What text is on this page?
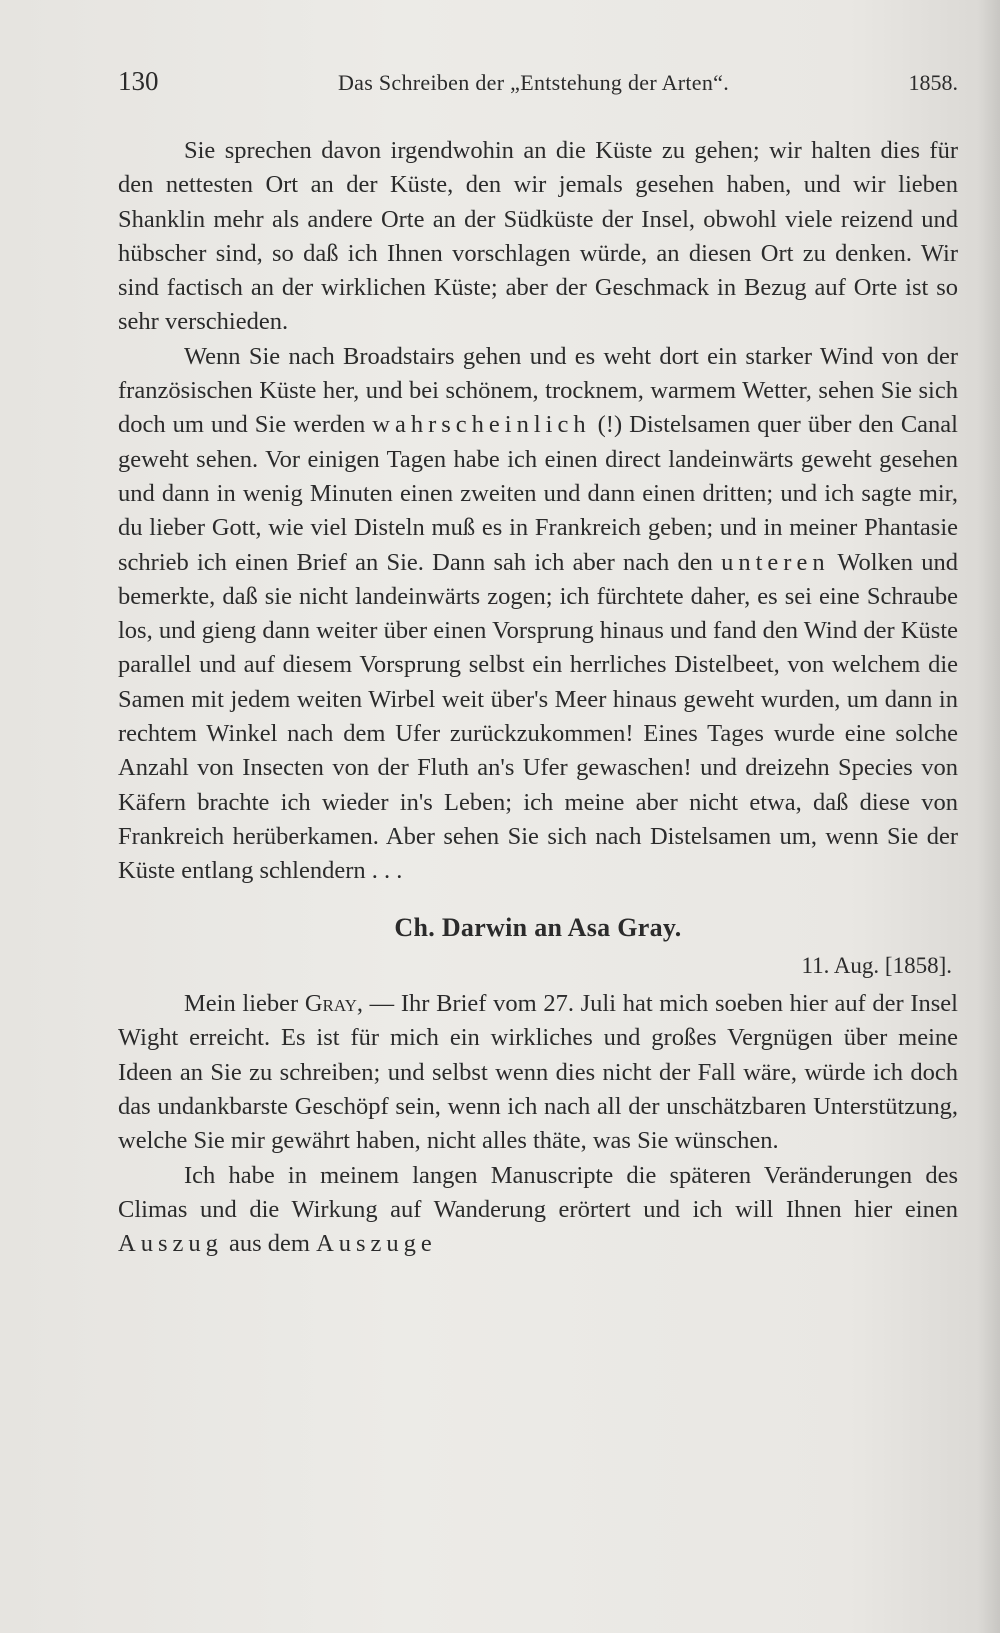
130	Das Schreiben der „Entstehung der Arten“.	1858.

Sie sprechen davon irgendwohin an die Küste zu gehen; wir halten dies für den nettesten Ort an der Küste, den wir jemals gesehen haben, und wir lieben Shanklin mehr als andere Orte an der Südküste der Insel, obwohl viele reizend und hübscher sind, so daß ich Ihnen vorschlagen würde, an diesen Ort zu denken. Wir sind factisch an der wirklichen Küste; aber der Geschmack in Bezug auf Orte ist so sehr verschieden.

Wenn Sie nach Broadstairs gehen und es weht dort ein starker Wind von der französischen Küste her, und bei schönem, trocknem, warmem Wetter, sehen Sie sich doch um und Sie werden wahrscheinlich (!) Distelsamen quer über den Canal geweht sehen. Vor einigen Tagen habe ich einen direct landeinwärts geweht gesehen und dann in wenig Minuten einen zweiten und dann einen dritten; und ich sagte mir, du lieber Gott, wie viel Disteln muß es in Frankreich geben; und in meiner Phantasie schrieb ich einen Brief an Sie. Dann sah ich aber nach den unteren Wolken und bemerkte, daß sie nicht landeinwärts zogen; ich fürchtete daher, es sei eine Schraube los, und gieng dann weiter über einen Vorsprung hinaus und fand den Wind der Küste parallel und auf diesem Vorsprung selbst ein herrliches Distelbeet, von welchem die Samen mit jedem weiten Wirbel weit über's Meer hinaus geweht wurden, um dann in rechtem Winkel nach dem Ufer zurückzukommen! Eines Tages wurde eine solche Anzahl von Insecten von der Fluth an's Ufer gewaschen! und dreizehn Species von Käfern brachte ich wieder in's Leben; ich meine aber nicht etwa, daß diese von Frankreich herüberkamen. Aber sehen Sie sich nach Distelsamen um, wenn Sie der Küste entlang schlendern . . .

Ch. Darwin an Asa Gray.
11. Aug. [1858].

Mein lieber Gray, — Ihr Brief vom 27. Juli hat mich soeben hier auf der Insel Wight erreicht. Es ist für mich ein wirkliches und großes Vergnügen über meine Ideen an Sie zu schreiben; und selbst wenn dies nicht der Fall wäre, würde ich doch das undankbarste Geschöpf sein, wenn ich nach all der unschätzbaren Unterstützung, welche Sie mir gewährt haben, nicht alles thäte, was Sie wünschen.

Ich habe in meinem langen Manuscripte die späteren Veränderungen des Climas und die Wirkung auf Wanderung erörtert und ich will Ihnen hier einen Auszug aus dem Auszuge
